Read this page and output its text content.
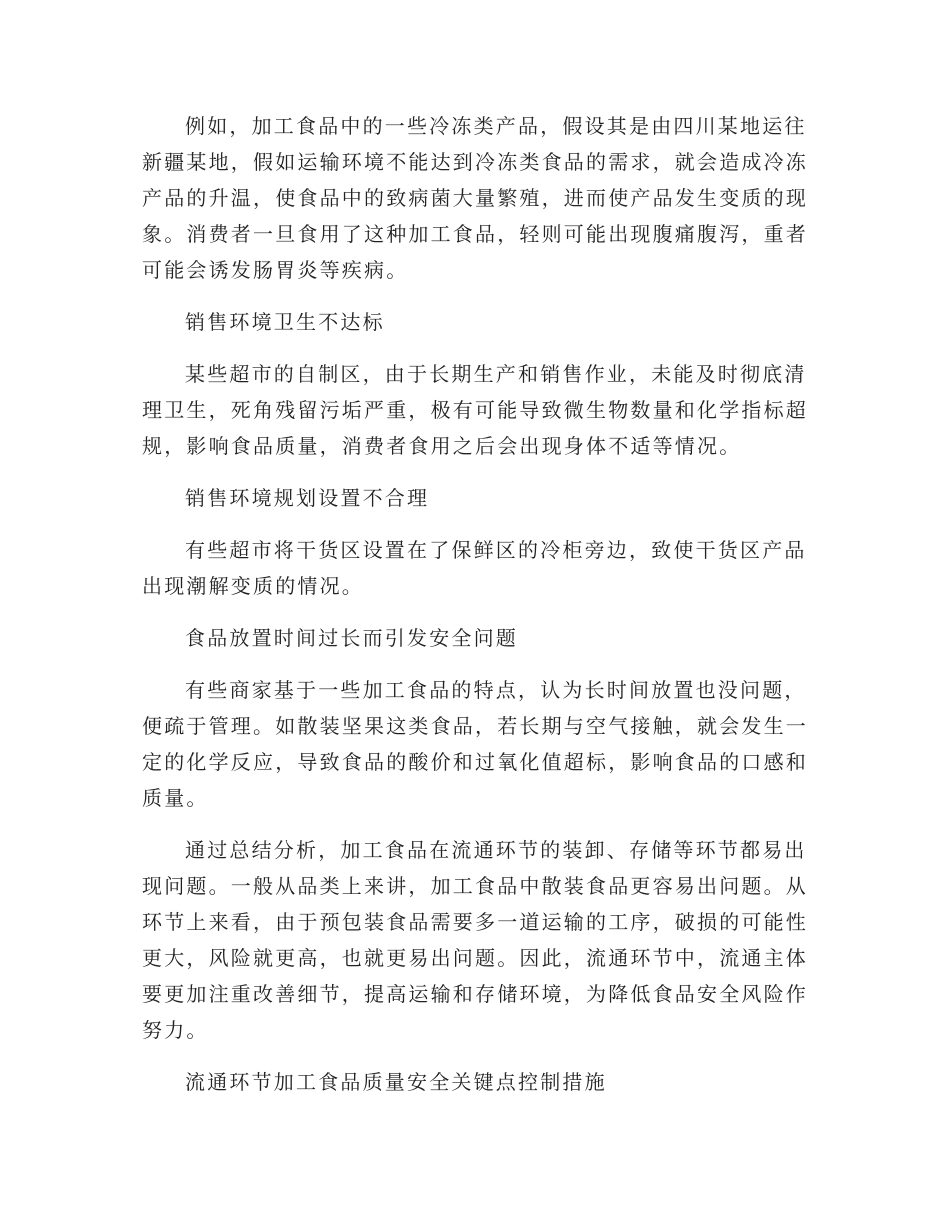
例如，加工食品中的一些冷冻类产品，假设其是由四川某地运往
新疆某地，假如运输环境不能达到冷冻类食品的需求，就会造成冷冻
产品的升温，使食品中的致病菌大量繁殖，进而使产品发生变质的现
象。消费者一旦食用了这种加工食品，轻则可能出现腹痛腹泻，重者
可能会诱发肠胃炎等疾病。
销售环境卫生不达标
某些超市的自制区，由于长期生产和销售作业，未能及时彻底清
理卫生，死角残留污垢严重，极有可能导致微生物数量和化学指标超
规，影响食品质量，消费者食用之后会出现身体不适等情况。
销售环境规划设置不合理
有些超市将干货区设置在了保鲜区的冷柜旁边，致使干货区产品
出现潮解变质的情况。
食品放置时间过长而引发安全问题
有些商家基于一些加工食品的特点，认为长时间放置也没问题，
便疏于管理。如散装坚果这类食品，若长期与空气接触，就会发生一
定的化学反应，导致食品的酸价和过氧化值超标，影响食品的口感和
质量。
通过总结分析，加工食品在流通环节的装卸、存储等环节都易出
现问题。一般从品类上来讲，加工食品中散装食品更容易出问题。从
环节上来看，由于预包装食品需要多一道运输的工序，破损的可能性
更大，风险就更高，也就更易出问题。因此，流通环节中，流通主体
要更加注重改善细节，提高运输和存储环境，为降低食品安全风险作
努力。
流通环节加工食品质量安全关键点控制措施
